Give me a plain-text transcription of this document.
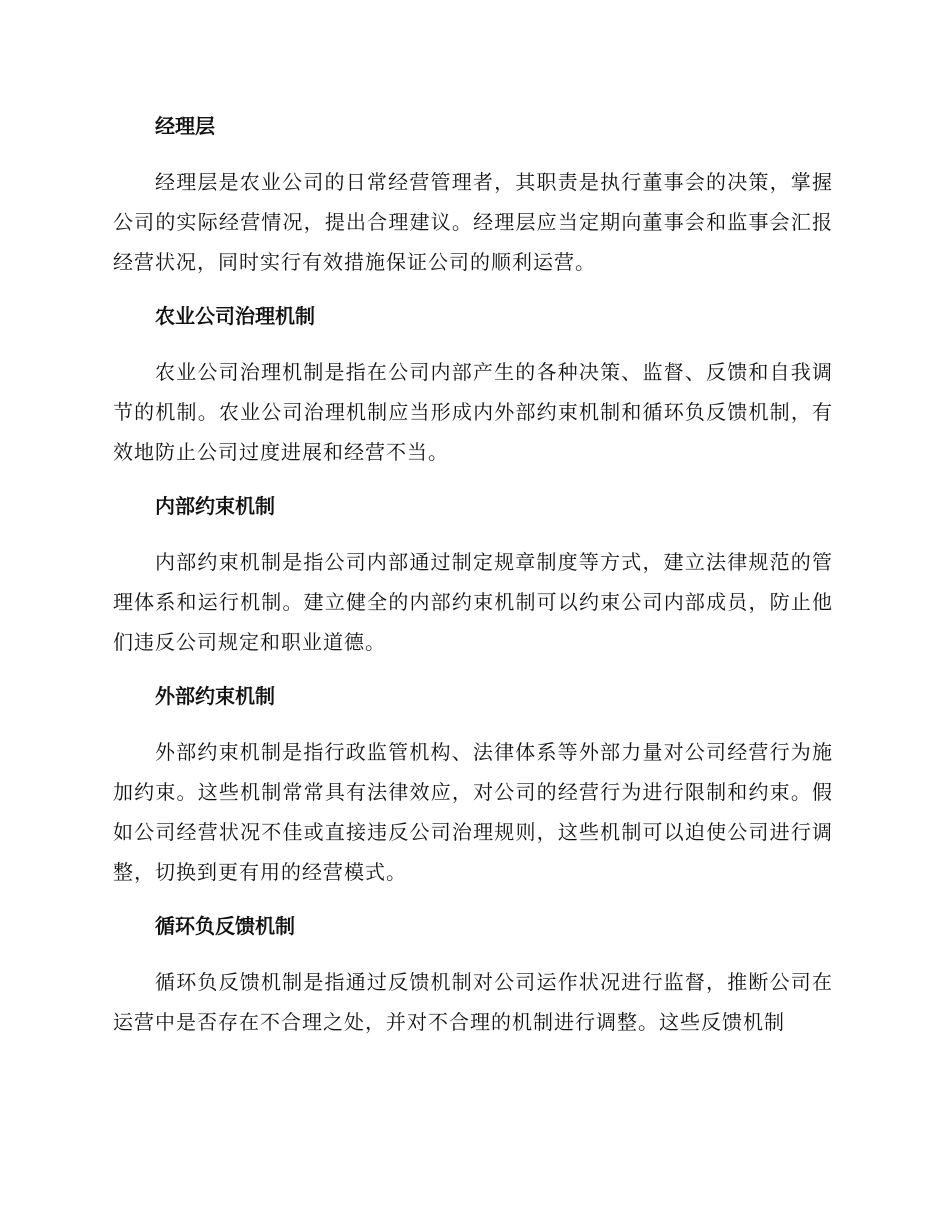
经理层
经理层是农业公司的日常经营管理者，其职责是执行董事会的决策，掌握公司的实际经营情况，提出合理建议。经理层应当定期向董事会和监事会汇报经营状况，同时实行有效措施保证公司的顺利运营。
农业公司治理机制
农业公司治理机制是指在公司内部产生的各种决策、监督、反馈和自我调节的机制。农业公司治理机制应当形成内外部约束机制和循环负反馈机制，有效地防止公司过度进展和经营不当。
内部约束机制
内部约束机制是指公司内部通过制定规章制度等方式，建立法律规范的管理体系和运行机制。建立健全的内部约束机制可以约束公司内部成员，防止他们违反公司规定和职业道德。
外部约束机制
外部约束机制是指行政监管机构、法律体系等外部力量对公司经营行为施加约束。这些机制常常具有法律效应，对公司的经营行为进行限制和约束。假如公司经营状况不佳或直接违反公司治理规则，这些机制可以迫使公司进行调整，切换到更有用的经营模式。
循环负反馈机制
循环负反馈机制是指通过反馈机制对公司运作状况进行监督，推断公司在运营中是否存在不合理之处，并对不合理的机制进行调整。这些反馈机制
